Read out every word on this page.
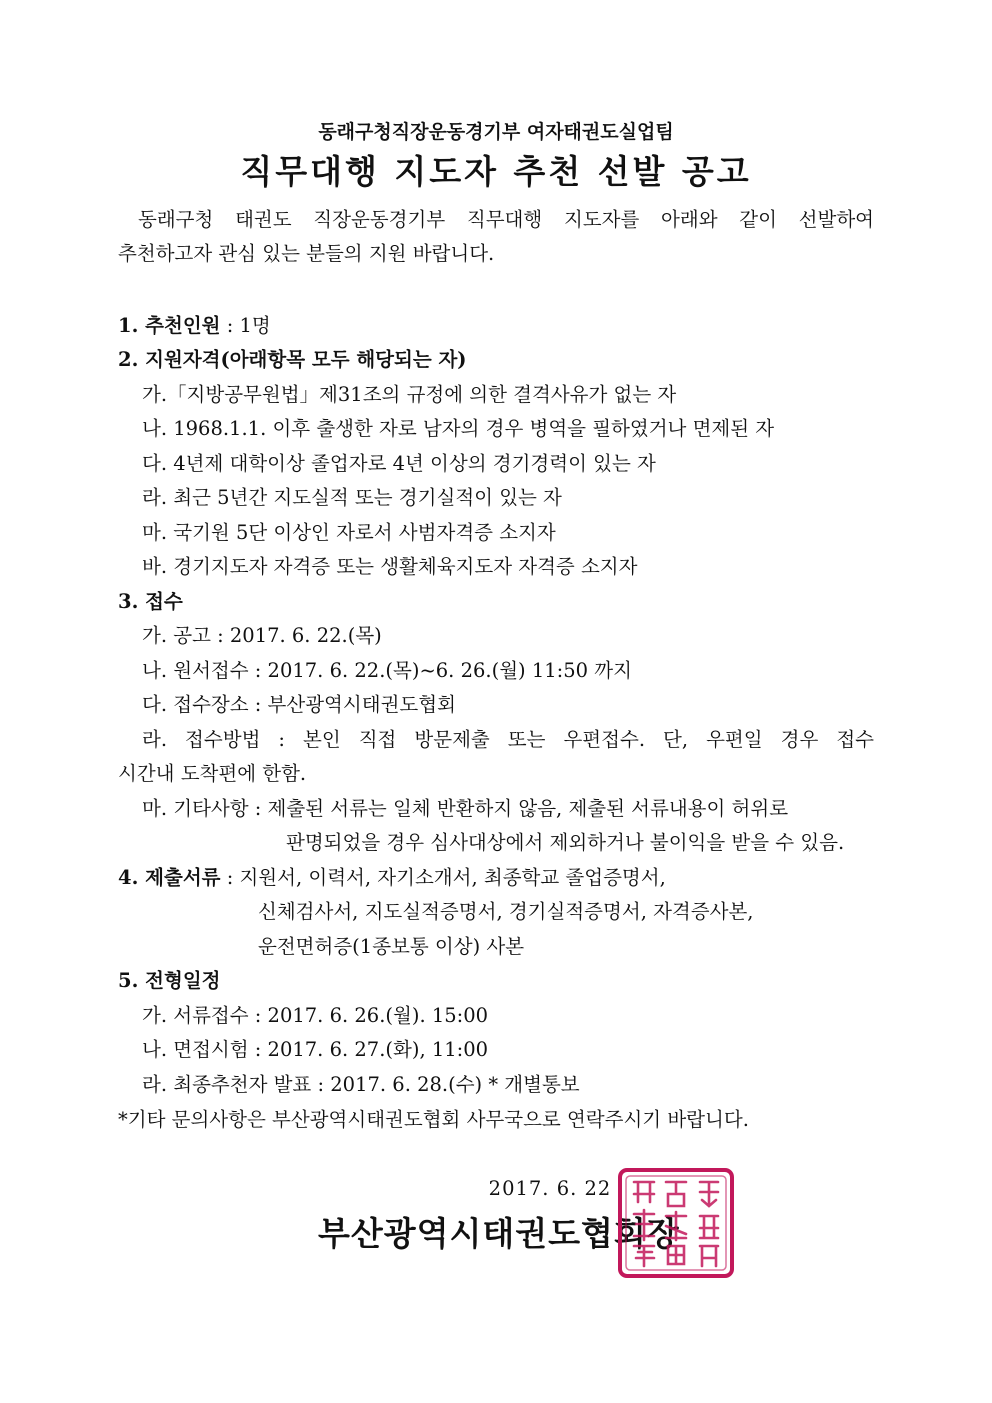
동래구청직장운동경기부 여자태권도실업팀
직무대행 지도자 추천 선발 공고
동래구청 태권도 직장운동경기부 직무대행 지도자를 아래와 같이 선발하여
추천하고자 관심 있는 분들의 지원 바랍니다.
1. 추천인원 : 1명
2. 지원자격(아래항목 모두 해당되는 자)
가.「지방공무원법」제31조의 규정에 의한 결격사유가 없는 자
나. 1968.1.1. 이후 출생한 자로 남자의 경우 병역을 필하였거나 면제된 자
다. 4년제 대학이상 졸업자로 4년 이상의 경기경력이 있는 자
라. 최근 5년간 지도실적 또는 경기실적이 있는 자
마. 국기원 5단 이상인 자로서 사범자격증 소지자
바. 경기지도자 자격증 또는 생활체육지도자 자격증 소지자
3. 접수
가. 공고 : 2017. 6. 22.(목)
나. 원서접수 : 2017. 6. 22.(목)~6. 26.(월) 11:50 까지
다. 접수장소 : 부산광역시태권도협회
라. 접수방법 : 본인 직접 방문제출 또는 우편접수. 단, 우편일 경우 접수
시간내 도착편에 한함.
마. 기타사항 : 제출된 서류는 일체 반환하지 않음, 제출된 서류내용이 허위로
판명되었을 경우 심사대상에서 제외하거나 불이익을 받을 수 있음.
4. 제출서류 : 지원서, 이력서, 자기소개서, 최종학교 졸업증명서,
신체검사서, 지도실적증명서, 경기실적증명서, 자격증사본,
운전면허증(1종보통 이상) 사본
5. 전형일정
가. 서류접수 : 2017. 6. 26.(월). 15:00
나. 면접시험 : 2017. 6. 27.(화), 11:00
라. 최종추천자 발표 : 2017. 6. 28.(수) * 개별통보
*기타 문의사항은 부산광역시태권도협회 사무국으로 연락주시기 바랍니다.
2017. 6. 22
부산광역시태권도협회장
